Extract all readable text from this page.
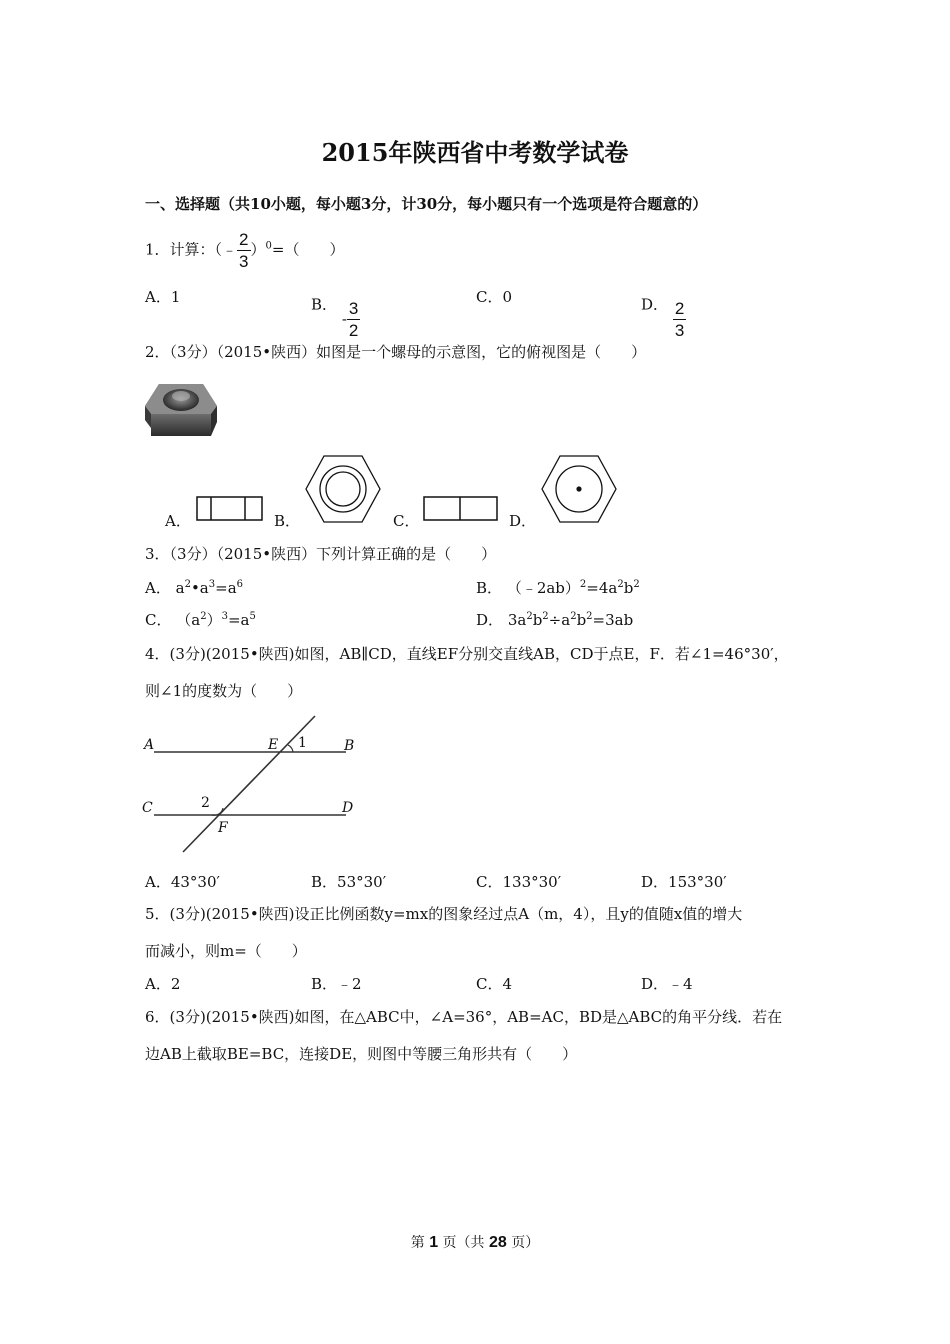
2015年陕西省中考数学试卷
一、选择题（共10小题，每小题3分，计30分，每小题只有一个选项是符合题意的）
1．计算：（﹣ $\frac{2}{3} )^0=$（　　）
A．1	B． - $\frac{3}{2}$
C．0	D． $\frac{2}{3}$
2．（3分）（2015•陕西）如图是一个螺母的示意图，它的俯视图是（　　）
A．	B．	C．	D．
3．（3分）（2015•陕西）下列计算正确的是（　　）
A． $a^2•a^3=a^6$	B． $(﹣2ab)^2=4a^2b^2$
C． $(a^2)^3=a^5$	D． $3a^2b^2\div a^2b^2=3ab$
4．(3分)(2015•陕西)如图，AB∥CD，直线EF分别交直线AB，CD于点E，F．若∠1=46°30′，
则∠1的度数为（　　）
A	E	B
C	D
F
1
2
A．43°30′	B．53°30′	C．133°30′	D．153°30′
5．(3分)(2015•陕西)设正比例函数y=mx的图象经过点A（m，4），且y的值随x值的增大
而减小，则m=（　　）
A．2	B．﹣2	C．4	D．﹣4
6．(3分)(2015•陕西)如图，在△ABC中，∠A=36°，AB=AC，BD是△ABC的角平分线．若在
边AB上截取BE=BC，连接DE，则图中等腰三角形共有（　　）
第 1 页（共 28 页）
